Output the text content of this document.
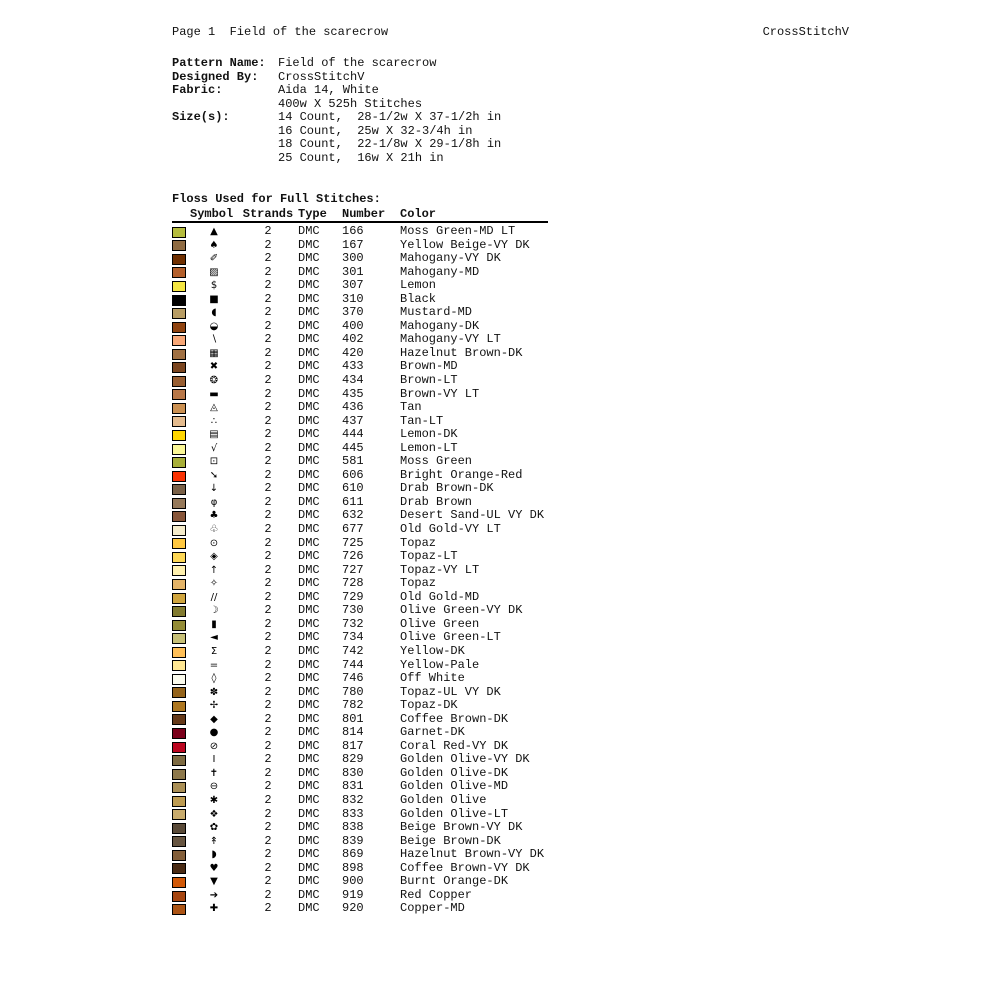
Page 1  Field of the scarecrow	CrossStitchV
Pattern Name:	Field of the scarecrow
Designed By:	CrossStitchV
Fabric:	Aida 14, White
400w X 525h Stitches
Size(s):	14 Count,  28-1/2w X 37-1/2h in
16 Count,  25w X 32-3/4h in
18 Count,  22-1/8w X 29-1/8h in
25 Count,  16w X 21h in
Floss Used for Full Stitches:
Symbol Strands Type	Number	Color
▲	2	DMC	166	Moss Green-MD LT
♠	2	DMC	167	Yellow Beige-VY DK
✐	2	DMC	300	Mahogany-VY DK
▨	2	DMC	301	Mahogany-MD
$	2	DMC	307	Lemon
■	2	DMC	310	Black
◖	2	DMC	370	Mustard-MD
◒	2	DMC	400	Mahogany-DK
∖	2	DMC	402	Mahogany-VY LT
▦	2	DMC	420	Hazelnut Brown-DK
✖	2	DMC	433	Brown-MD
❂	2	DMC	434	Brown-LT
▬	2	DMC	435	Brown-VY LT
◬	2	DMC	436	Tan
∴	2	DMC	437	Tan-LT
▤	2	DMC	444	Lemon-DK
√	2	DMC	445	Lemon-LT
⊡	2	DMC	581	Moss Green
➘	2	DMC	606	Bright Orange-Red
↓	2	DMC	610	Drab Brown-DK
φ	2	DMC	611	Drab Brown
♣	2	DMC	632	Desert Sand-UL VY DK
♧	2	DMC	677	Old Gold-VY LT
⊙	2	DMC	725	Topaz
◈	2	DMC	726	Topaz-LT
↑	2	DMC	727	Topaz-VY LT
✧	2	DMC	728	Topaz
//	2	DMC	729	Old Gold-MD
☽	2	DMC	730	Olive Green-VY DK
▮	2	DMC	732	Olive Green
◄	2	DMC	734	Olive Green-LT
Σ	2	DMC	742	Yellow-DK
=	2	DMC	744	Yellow-Pale
◊	2	DMC	746	Off White
✽	2	DMC	780	Topaz-UL VY DK
✢	2	DMC	782	Topaz-DK
◆	2	DMC	801	Coffee Brown-DK
●	2	DMC	814	Garnet-DK
⊘	2	DMC	817	Coral Red-VY DK
Ⅰ	2	DMC	829	Golden Olive-VY DK
✝	2	DMC	830	Golden Olive-DK
⊖	2	DMC	831	Golden Olive-MD
✱	2	DMC	832	Golden Olive
❖	2	DMC	833	Golden Olive-LT
✿	2	DMC	838	Beige Brown-VY DK
↟	2	DMC	839	Beige Brown-DK
◗	2	DMC	869	Hazelnut Brown-VY DK
♥	2	DMC	898	Coffee Brown-VY DK
▼	2	DMC	900	Burnt Orange-DK
➔	2	DMC	919	Red Copper
✚	2	DMC	920	Copper-MD
